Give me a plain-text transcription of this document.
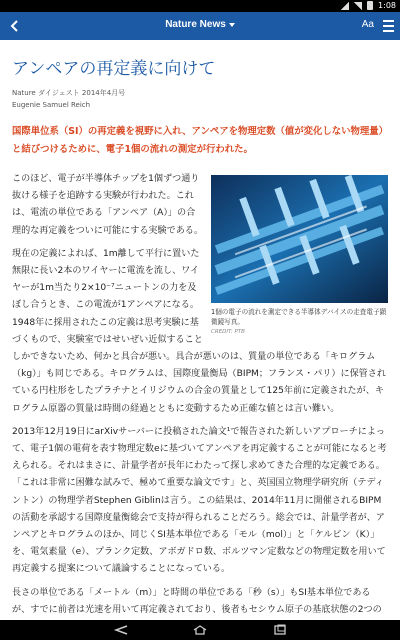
1:08
Nature News	Aa
アンペアの再定義に向けて
Nature ダイジェスト 2014年4月号
Eugenie Samuel Reich
国際単位系（SI）の再定義を視野に入れ、アンペアを物理定数（値が変化しない物理量）と結びつけるために、電子1個の流れの測定が行われた。
1個の電子の流れを測定できる半導体デバイスの走査電子顕微鏡写真。
CREDIT: PTB

このほど、電子が半導体チップを1個ずつ通り抜ける様子を追跡する実験が行われた。これは、電流の単位である「アンペア（A）」の合理的な再定義をついに可能にする実験である。

現在の定義によれば、1m離して平行に置いた無限に長い2本のワイヤーに電流を流し、ワイヤーが1m当たり2×10⁻⁷ニュートンの力を及ぼし合うとき、この電流が1アンペアになる。1948年に採用されたこの定義は思考実験に基づくもので、実験室ではせいぜい近似することしかできないため、何かと具合が悪い。具合が悪いのは、質量の単位である「キログラム（kg）」も同じである。キログラムは、国際度量衡局（BIPM；フランス・パリ）に保管されている円柱形をしたプラチナとイリジウムの合金の質量として125年前に定義されたが、キログラム原器の質量は時間の経過とともに変動するため正確な値とは言い難い。

2013年12月19日にarXivサーバーに投稿された論文¹で報告された新しいアプローチによって、電子1個の電荷を表す物理定数eに基づいてアンペアを再定義することが可能になると考えられる。それはまさに、計量学者が長年にわたって探し求めてきた合理的な定義である。「これは非常に困難な試みで、極めて重要な論文です」と、英国国立物理学研究所（テディントン）の物理学者Stephen Giblinは言う。この結果は、2014年11月に開催されるBIPMの活動を承認する国際度量衡総会で支持が得られることだろう。総会では、計量学者が、アンペアとキログラムのほか、同じくSI基本単位である「モル（mol）」と「ケルビン（K）」を、電気素量（e）、プランク定数、アボガドロ数、ボルツマン定数などの物理定数を用いて再定義する提案について議論することになっている。

長さの単位である「メートル（m）」と時間の単位である「秒（s）」もSI基本単位であるが、すでに前者は光速を用いて再定義されており、後者もセシウム原子の基底状態の2つの
